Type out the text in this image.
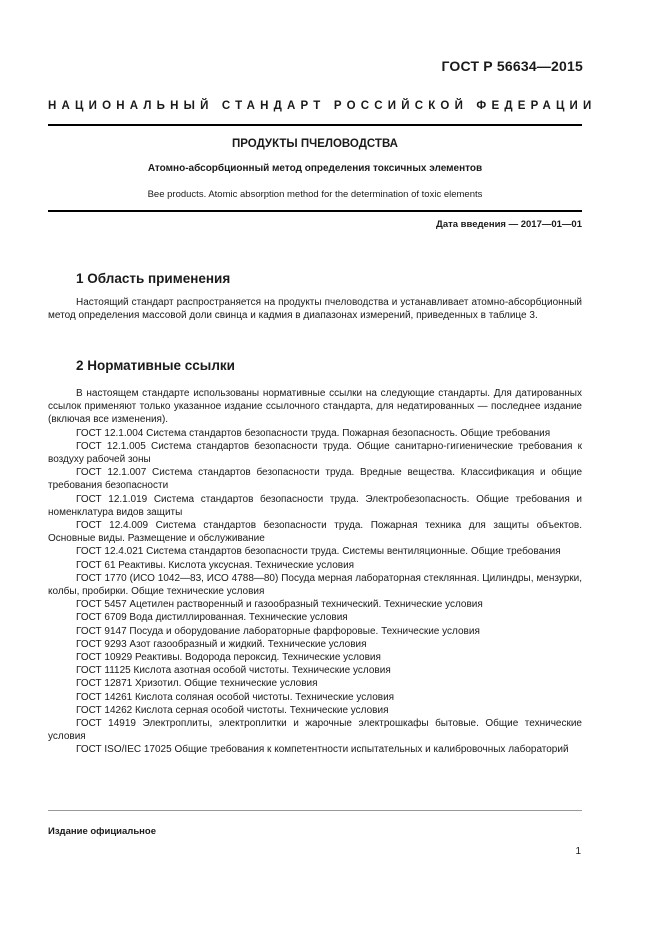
ГОСТ Р 56634—2015
НАЦИОНАЛЬНЫЙ СТАНДАРТ РОССИЙСКОЙ ФЕДЕРАЦИИ
ПРОДУКТЫ ПЧЕЛОВОДСТВА
Атомно-абсорбционный метод определения токсичных элементов
Bee products. Atomic absorption method for the determination of toxic elements
Дата введения — 2017—01—01
1 Область применения

Настоящий стандарт распространяется на продукты пчеловодства и устанавливает атомно-абсорбционный метод определения массовой доли свинца и кадмия в диапазонах измерений, приведенных в таблице 3.

2 Нормативные ссылки

В настоящем стандарте использованы нормативные ссылки на следующие стандарты. Для датированных ссылок применяют только указанное издание ссылочного стандарта, для недатированных — последнее издание (включая все изменения).

ГОСТ 12.1.004 Система стандартов безопасности труда. Пожарная безопасность. Общие требования

ГОСТ 12.1.005 Система стандартов безопасности труда. Общие санитарно-гигиенические требования к воздуху рабочей зоны

ГОСТ 12.1.007 Система стандартов безопасности труда. Вредные вещества. Классификация и общие требования безопасности

ГОСТ 12.1.019 Система стандартов безопасности труда. Электробезопасность. Общие требования и номенклатура видов защиты

ГОСТ 12.4.009 Система стандартов безопасности труда. Пожарная техника для защиты объектов. Основные виды. Размещение и обслуживание

ГОСТ 12.4.021 Система стандартов безопасности труда. Системы вентиляционные. Общие требования

ГОСТ 61 Реактивы. Кислота уксусная. Технические условия

ГОСТ 1770 (ИСО 1042—83, ИСО 4788—80) Посуда мерная лабораторная стеклянная. Цилиндры, мензурки, колбы, пробирки. Общие технические условия

ГОСТ 5457 Ацетилен растворенный и газообразный технический. Технические условия

ГОСТ 6709 Вода дистиллированная. Технические условия

ГОСТ 9147 Посуда и оборудование лабораторные фарфоровые. Технические условия

ГОСТ 9293 Азот газообразный и жидкий. Технические условия

ГОСТ 10929 Реактивы. Водорода пероксид. Технические условия

ГОСТ 11125 Кислота азотная особой чистоты. Технические условия

ГОСТ 12871 Хризотил. Общие технические условия

ГОСТ 14261 Кислота соляная особой чистоты. Технические условия

ГОСТ 14262 Кислота серная особой чистоты. Технические условия

ГОСТ 14919 Электроплиты, электроплитки и жарочные электрошкафы бытовые. Общие технические условия

ГОСТ ISO/IEC 17025 Общие требования к компетентности испытательных и калибровочных лабораторий

Издание официальное
1
